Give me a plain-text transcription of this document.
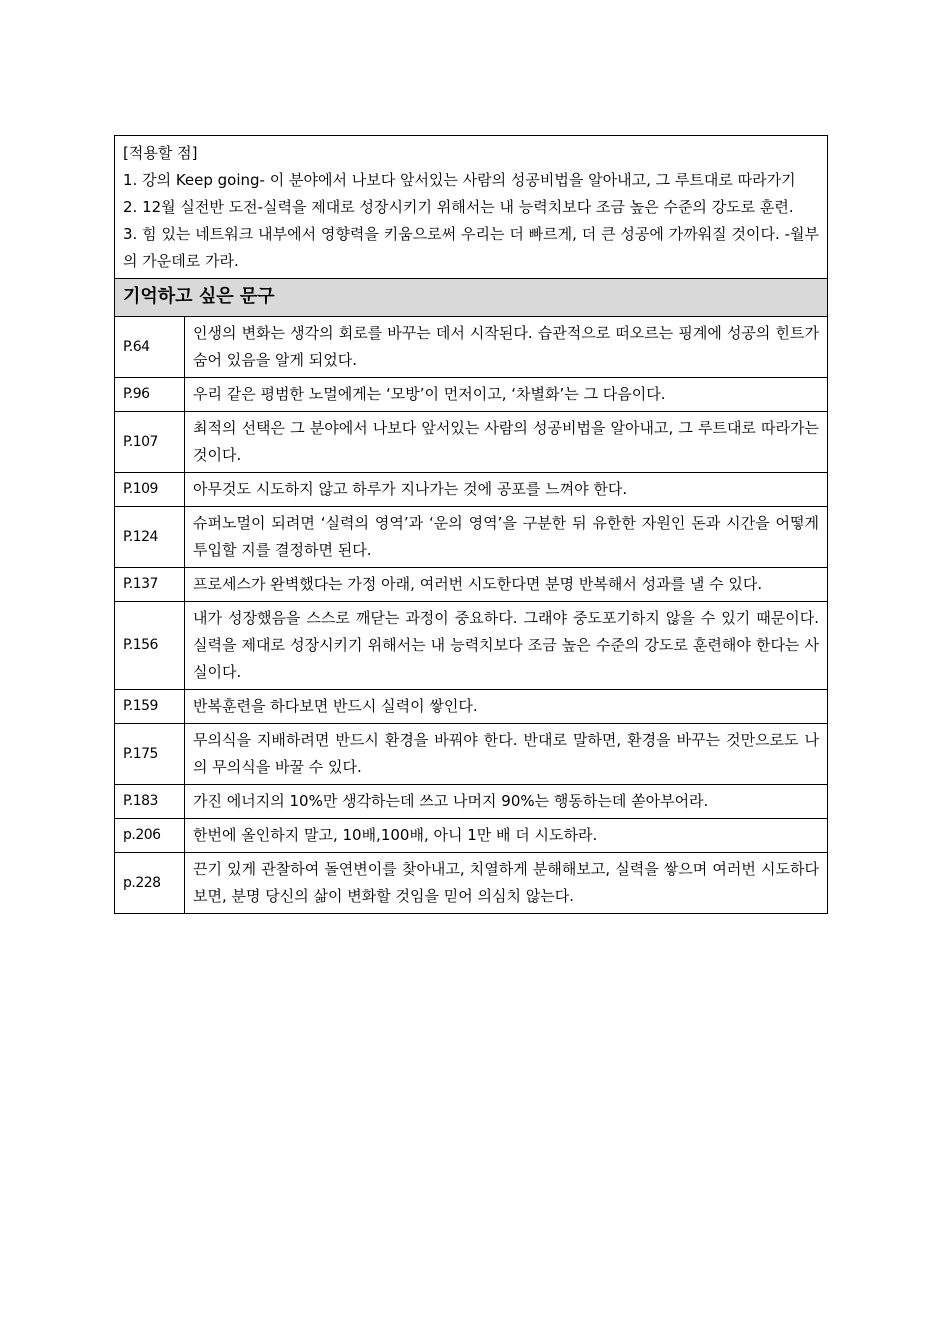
[적용할 점]
1. 강의 Keep going- 이 분야에서 나보다 앞서있는 사람의 성공비법을 알아내고, 그 루트대로 따라가기
2. 12월 실전반 도전-실력을 제대로 성장시키기 위해서는 내 능력치보다 조금 높은 수준의 강도로 훈련.
3. 힘 있는 네트워크 내부에서 영향력을 키움으로써 우리는 더 빠르게, 더 큰 성공에 가까워질 것이다. -월부의 가운데로 가라.	

기억하고 싶은 문구	
P.64	인생의 변화는 생각의 회로를 바꾸는 데서 시작된다. 습관적으로 떠오르는 핑계에 성공의 힌트가 숨어 있음을 알게 되었다.
P.96	우리 같은 평범한 노멀에게는 ‘모방’이 먼저이고, ‘차별화’는 그 다음이다.
P.107	최적의 선택은 그 분야에서 나보다 앞서있는 사람의 성공비법을 알아내고, 그 루트대로 따라가는 것이다.
P.109	아무것도 시도하지 않고 하루가 지나가는 것에 공포를 느껴야 한다.
P.124	슈퍼노멀이 되려면 ‘실력의 영역’과 ‘운의 영역’을 구분한 뒤 유한한 자원인 돈과 시간을 어떻게 투입할 지를 결정하면 된다.
P.137	프로세스가 완벽했다는 가정 아래, 여러번 시도한다면 분명 반복해서 성과를 낼 수 있다.
P.156	내가 성장했음을 스스로 깨닫는 과정이 중요하다. 그래야 중도포기하지 않을 수 있기 때문이다. 실력을 제대로 성장시키기 위해서는 내 능력치보다 조금 높은 수준의 강도로 훈련해야 한다는 사실이다.
P.159	반복훈련을 하다보면 반드시 실력이 쌓인다.
P.175	무의식을 지배하려면 반드시 환경을 바꿔야 한다. 반대로 말하면, 환경을 바꾸는 것만으로도 나의 무의식을 바꿀 수 있다.
P.183	가진 에너지의 10%만 생각하는데 쓰고 나머지 90%는 행동하는데 쏟아부어라.
p.206	한번에 올인하지 말고, 10배,100배, 아니 1만 배 더 시도하라.
p.228	끈기 있게 관찰하여 돌연변이를 찾아내고, 치열하게 분해해보고, 실력을 쌓으며 여러번 시도하다 보면, 분명 당신의 삶이 변화할 것임을 믿어 의심치 않는다.
